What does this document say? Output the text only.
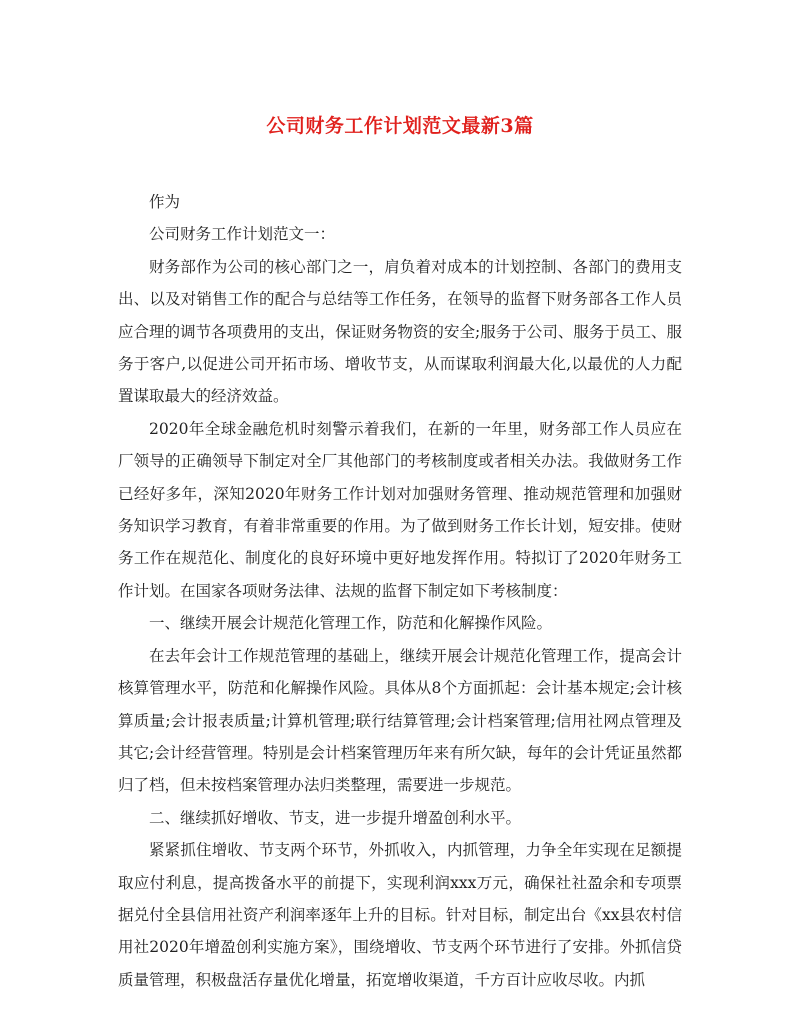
公司财务工作计划范文最新3篇

作为

公司财务工作计划范文一：

财务部作为公司的核心部门之一，肩负着对成本的计划控制、各部门的费用支出、以及对销售工作的配合与总结等工作任务，在领导的监督下财务部各工作人员应合理的调节各项费用的支出，保证财务物资的安全;服务于公司、服务于员工、服务于客户,以促进公司开拓市场、增收节支，从而谋取利润最大化,以最优的人力配置谋取最大的经济效益。

2020年全球金融危机时刻警示着我们，在新的一年里，财务部工作人员应在厂领导的正确领导下制定对全厂其他部门的考核制度或者相关办法。我做财务工作已经好多年，深知2020年财务工作计划对加强财务管理、推动规范管理和加强财务知识学习教育，有着非常重要的作用。为了做到财务工作长计划，短安排。使财务工作在规范化、制度化的良好环境中更好地发挥作用。特拟订了2020年财务工作计划。在国家各项财务法律、法规的监督下制定如下考核制度：

一、继续开展会计规范化管理工作，防范和化解操作风险。

在去年会计工作规范管理的基础上，继续开展会计规范化管理工作，提高会计核算管理水平，防范和化解操作风险。具体从8个方面抓起：会计基本规定;会计核算质量;会计报表质量;计算机管理;联行结算管理;会计档案管理;信用社网点管理及其它;会计经营管理。特别是会计档案管理历年来有所欠缺，每年的会计凭证虽然都归了档，但未按档案管理办法归类整理，需要进一步规范。

二、继续抓好增收、节支，进一步提升增盈创利水平。

紧紧抓住增收、节支两个环节，外抓收入，内抓管理，力争全年实现在足额提取应付利息，提高拨备水平的前提下，实现利润xxx万元，确保社社盈余和专项票据兑付全县信用社资产利润率逐年上升的目标。针对目标，制定出台《xx县农村信用社2020年增盈创利实施方案》，围绕增收、节支两个环节进行了安排。外抓信贷质量管理，积极盘活存量优化增量，拓宽增收渠道，千方百计应收尽收。内抓
